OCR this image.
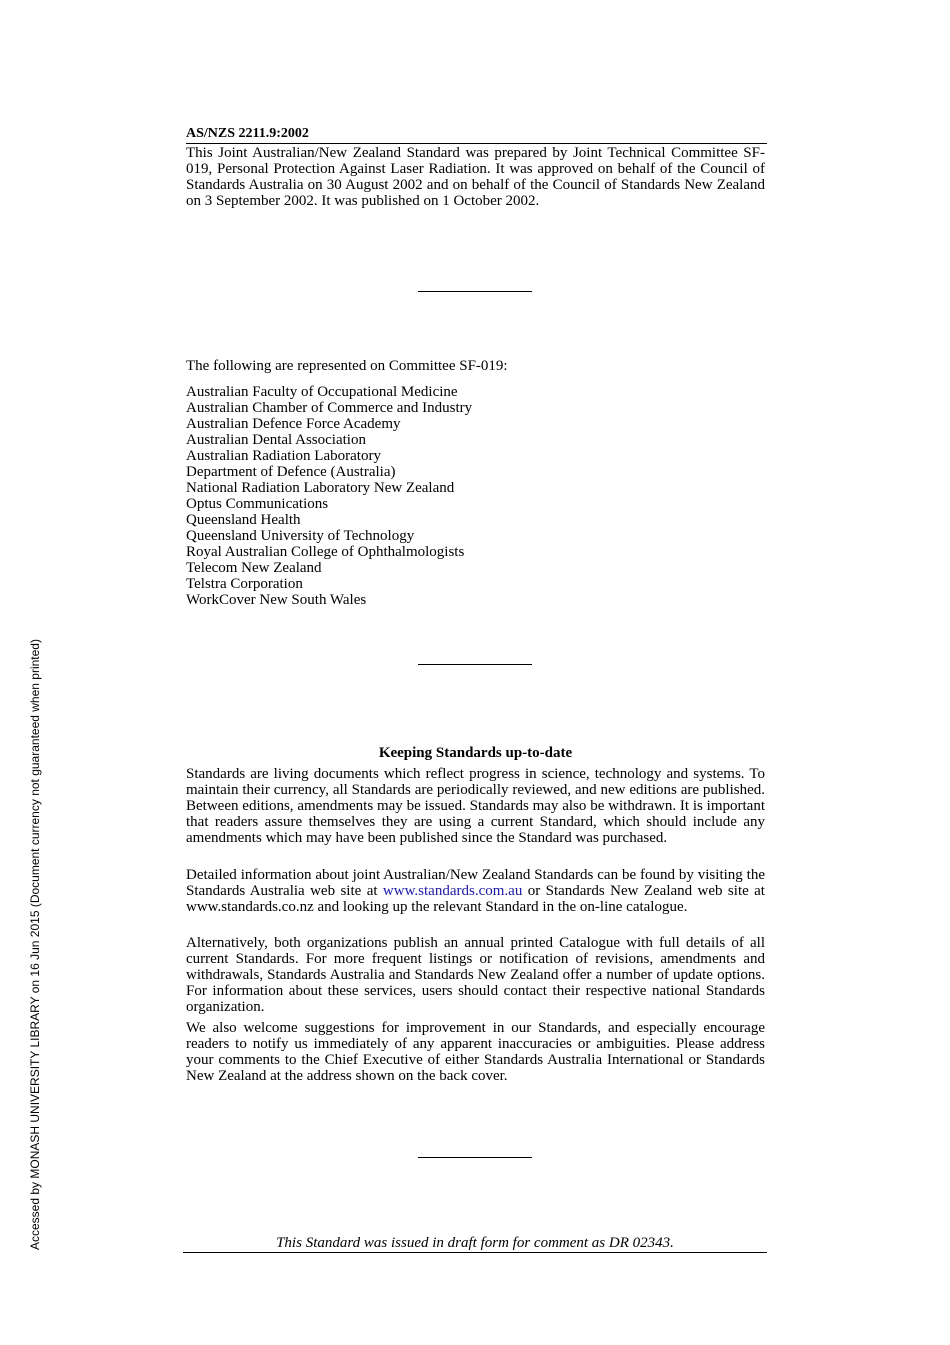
AS/NZS 2211.9:2002
This Joint Australian/New Zealand Standard was prepared by Joint Technical Committee SF-019, Personal Protection Against Laser Radiation. It was approved on behalf of the Council of Standards Australia on 30 August 2002 and on behalf of the Council of Standards New Zealand on 3 September 2002. It was published on 1 October 2002.
The following are represented on Committee SF-019:
Australian Faculty of Occupational Medicine
Australian Chamber of Commerce and Industry
Australian Defence Force Academy
Australian Dental Association
Australian Radiation Laboratory
Department of Defence (Australia)
National Radiation Laboratory New Zealand
Optus Communications
Queensland Health
Queensland University of Technology
Royal Australian College of Ophthalmologists
Telecom New Zealand
Telstra Corporation
WorkCover New South Wales
Keeping Standards up-to-date
Standards are living documents which reflect progress in science, technology and systems. To maintain their currency, all Standards are periodically reviewed, and new editions are published. Between editions, amendments may be issued. Standards may also be withdrawn. It is important that readers assure themselves they are using a current Standard, which should include any amendments which may have been published since the Standard was purchased.
Detailed information about joint Australian/New Zealand Standards can be found by visiting the Standards Australia web site at www.standards.com.au or Standards New Zealand web site at www.standards.co.nz and looking up the relevant Standard in the on-line catalogue.
Alternatively, both organizations publish an annual printed Catalogue with full details of all current Standards. For more frequent listings or notification of revisions, amendments and withdrawals, Standards Australia and Standards New Zealand offer a number of update options. For information about these services, users should contact their respective national Standards organization.
We also welcome suggestions for improvement in our Standards, and especially encourage readers to notify us immediately of any apparent inaccuracies or ambiguities. Please address your comments to the Chief Executive of either Standards Australia International or Standards New Zealand at the address shown on the back cover.
This Standard was issued in draft form for comment as DR 02343.
Accessed by MONASH UNIVERSITY LIBRARY on 16 Jun 2015 (Document currency not guaranteed when printed)
